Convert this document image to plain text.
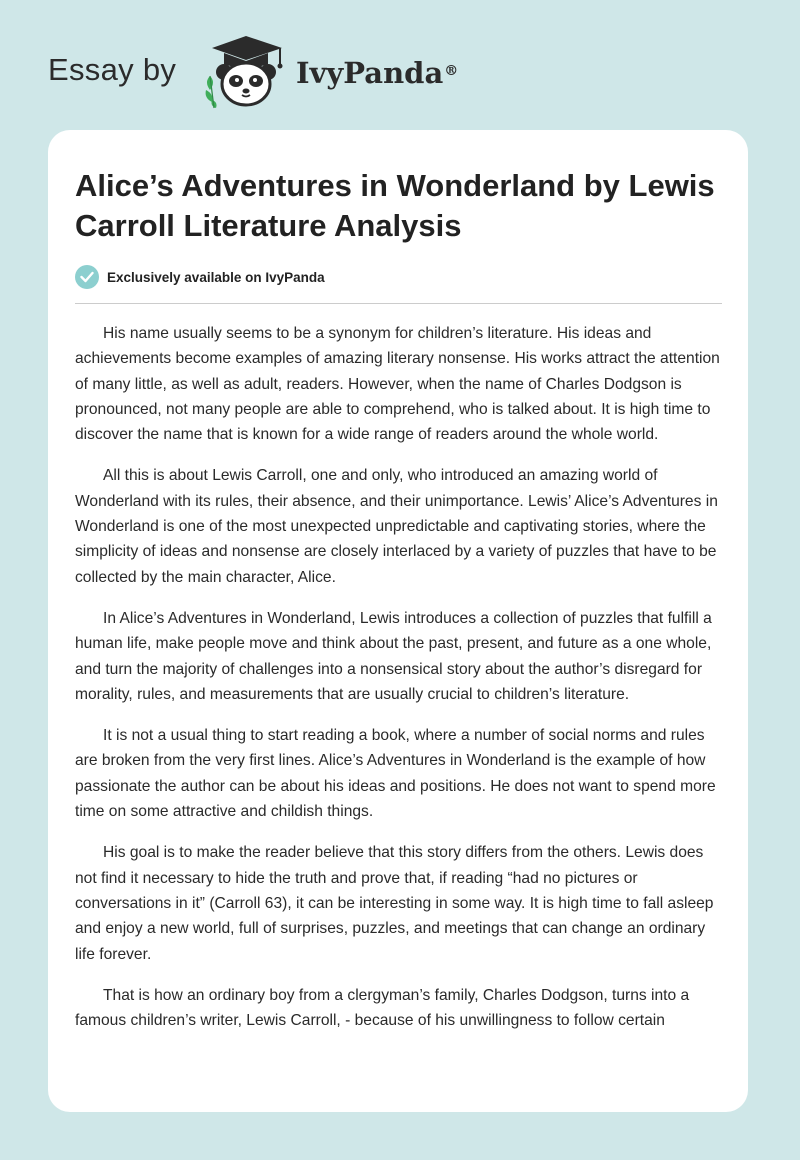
Essay by	IvyPanda®
Alice’s Adventures in Wonderland by Lewis Carroll Literature Analysis
Exclusively available on IvyPanda

His name usually seems to be a synonym for children’s literature. His ideas and achievements become examples of amazing literary nonsense. His works attract the attention of many little, as well as adult, readers. However, when the name of Charles Dodgson is pronounced, not many people are able to comprehend, who is talked about. It is high time to discover the name that is known for a wide range of readers around the whole world.

All this is about Lewis Carroll, one and only, who introduced an amazing world of Wonderland with its rules, their absence, and their unimportance. Lewis’ Alice’s Adventures in Wonderland is one of the most unexpected unpredictable and captivating stories, where the simplicity of ideas and nonsense are closely interlaced by a variety of puzzles that have to be collected by the main character, Alice.

In Alice’s Adventures in Wonderland, Lewis introduces a collection of puzzles that fulfill a human life, make people move and think about the past, present, and future as a one whole, and turn the majority of challenges into a nonsensical story about the author’s disregard for morality, rules, and measurements that are usually crucial to children’s literature.

It is not a usual thing to start reading a book, where a number of social norms and rules are broken from the very first lines. Alice’s Adventures in Wonderland is the example of how passionate the author can be about his ideas and positions. He does not want to spend more time on some attractive and childish things.

His goal is to make the reader believe that this story differs from the others. Lewis does not find it necessary to hide the truth and prove that, if reading “had no pictures or conversations in it” (Carroll 63), it can be interesting in some way. It is high time to fall asleep and enjoy a new world, full of surprises, puzzles, and meetings that can change an ordinary life forever.

That is how an ordinary boy from a clergyman’s family, Charles Dodgson, turns into a famous children’s writer, Lewis Carroll, - because of his unwillingness to follow certain
